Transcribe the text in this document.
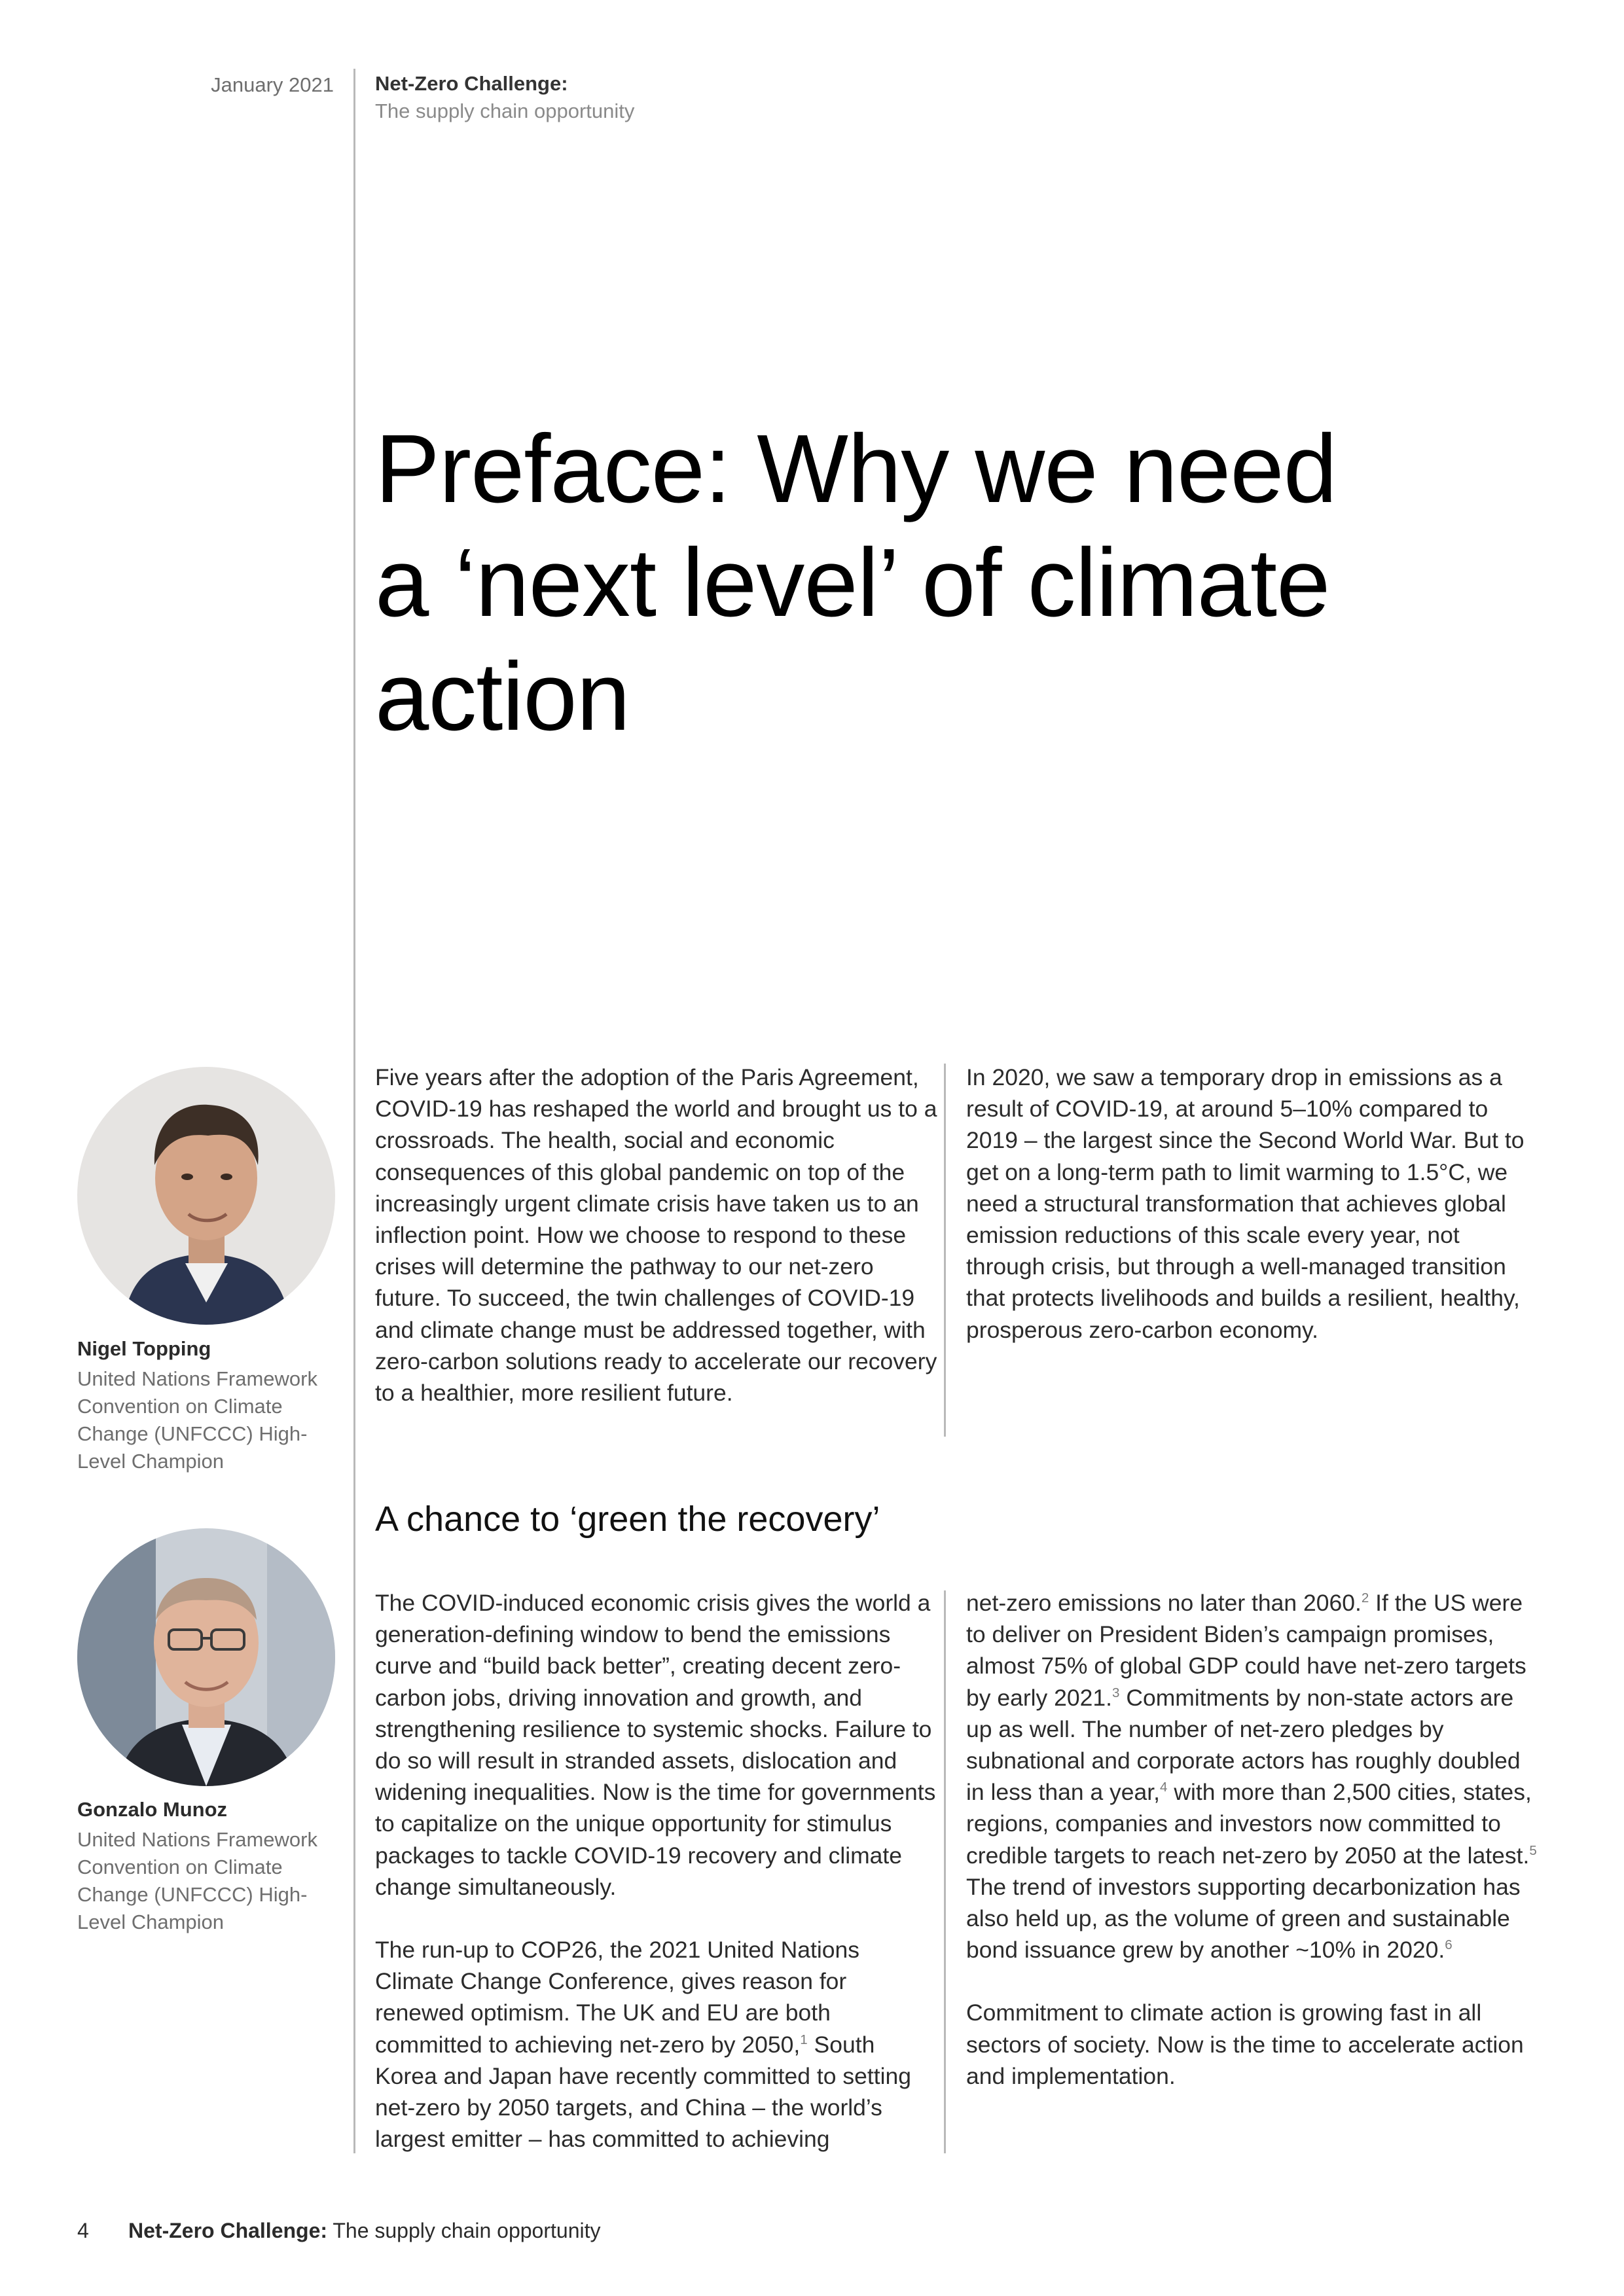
January 2021 Net-Zero Challenge:
The supply chain opportunity
Preface: Why we need a ‘next level’ of climate action
Nigel Topping
United Nations Framework Convention on Climate Change (UNFCCC) High-Level Champion

Five years after the adoption of the Paris Agreement, COVID-19 has reshaped the world and brought us to a crossroads. The health, social and economic consequences of this global pandemic on top of the increasingly urgent climate crisis have taken us to an inflection point. How we choose to respond to these crises will determine the pathway to our net-zero future. To succeed, the twin challenges of COVID-19 and climate change must be addressed together, with zero-carbon solutions ready to accelerate our recovery to a healthier, more resilient future.

In 2020, we saw a temporary drop in emissions as a result of COVID-19, at around 5–10% compared to 2019 – the largest since the Second World War. But to get on a long-term path to limit warming to 1.5°C, we need a structural transformation that achieves global emission reductions of this scale every year, not through crisis, but through a well-managed transition that protects livelihoods and builds a resilient, healthy, prosperous zero-carbon economy.

A chance to ‘green the recovery’
Gonzalo Munoz
United Nations Framework Convention on Climate Change (UNFCCC) High-Level Champion

The COVID-induced economic crisis gives the world a generation-defining window to bend the emissions curve and “build back better”, creating decent zero-carbon jobs, driving innovation and growth, and strengthening resilience to systemic shocks. Failure to do so will result in stranded assets, dislocation and widening inequalities. Now is the time for governments to capitalize on the unique opportunity for stimulus packages to tackle COVID-19 recovery and climate change simultaneously.

The run-up to COP26, the 2021 United Nations Climate Change Conference, gives reason for renewed optimism. The UK and EU are both committed to achieving net-zero by 2050,$^1$ South Korea and Japan have recently committed to setting net-zero by 2050 targets, and China – the world’s largest emitter – has committed to achieving

net-zero emissions no later than 2060.$^2$ If the US were to deliver on President Biden’s campaign promises, almost 75% of global GDP could have net-zero targets by early 2021.$^3$ Commitments by non-state actors are up as well. The number of net-zero pledges by subnational and corporate actors has roughly doubled in less than a year,$^4$ with more than 2,500 cities, states, regions, companies and investors now committed to credible targets to reach net-zero by 2050 at the latest.$^5$ The trend of investors supporting decarbonization has also held up, as the volume of green and sustainable bond issuance grew by another ~10% in 2020.$^6$

Commitment to climate action is growing fast in all sectors of society. Now is the time to accelerate action and implementation.

4 Net-Zero Challenge: The supply chain opportunity
